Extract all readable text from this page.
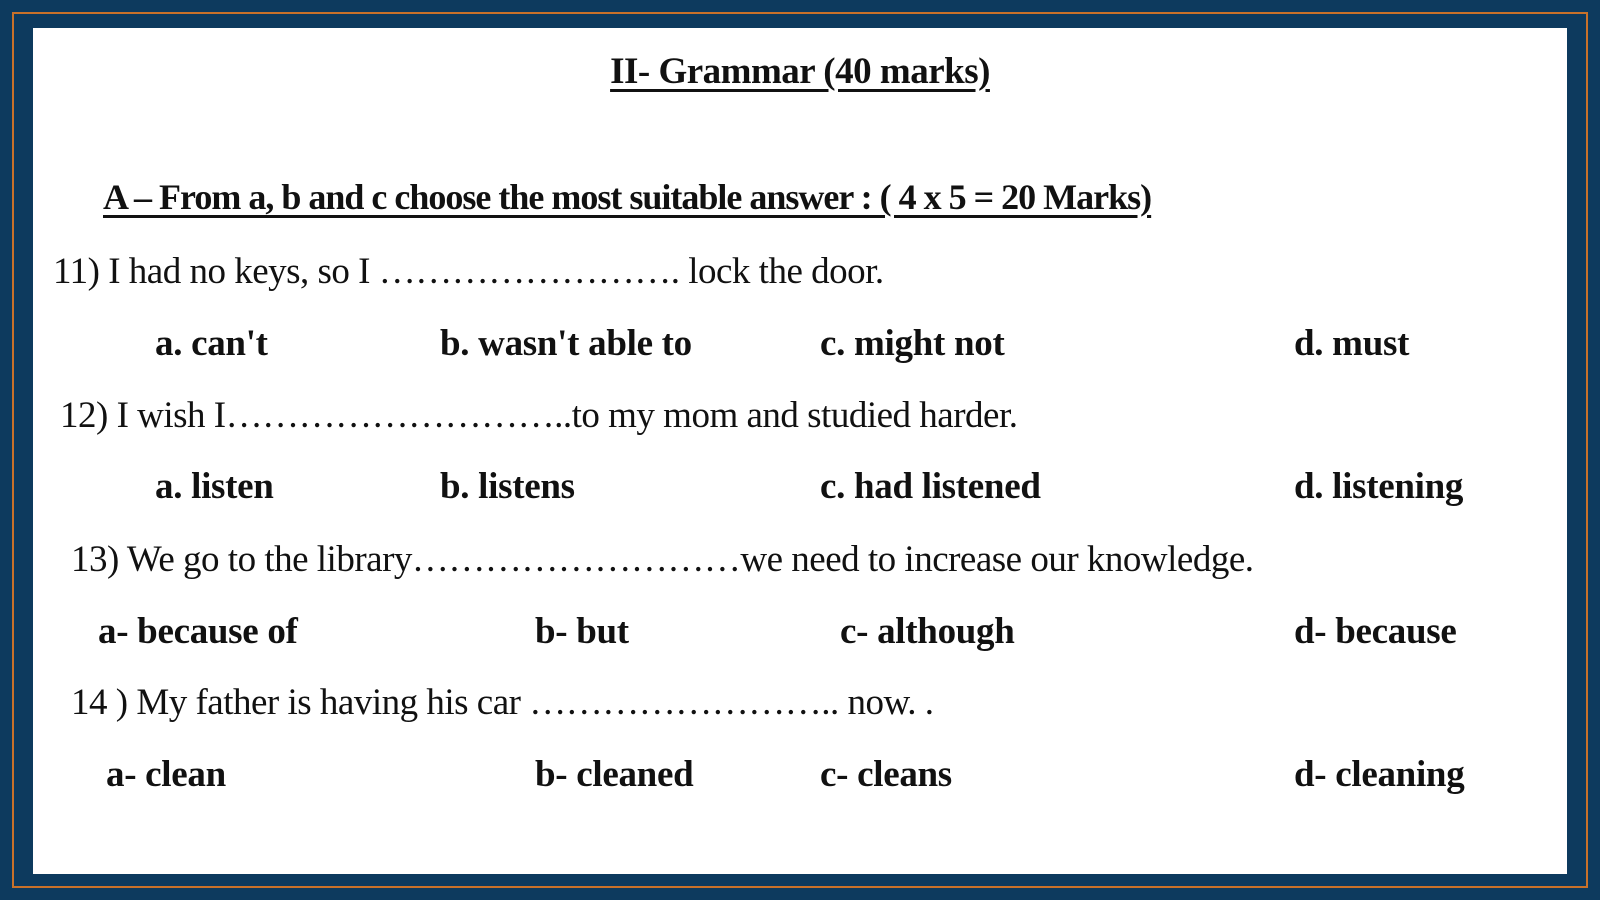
II- Grammar (40 marks)
A – From a, b and c choose the most suitable answer : ( 4 x 5 = 20 Marks)
11) I had no keys, so I ……………………. lock the door.
a. can't	b. wasn't able to	c. might not	d. must
12) I wish I………………………..to my mom and studied harder.
a. listen	b. listens	c. had listened	d. listening
13) We go to the library………………………we need to increase our knowledge.
a- because of	b- but	c- although	d- because
14 ) My father is having his car …………………….. now. .
a- clean	b- cleaned	c- cleans	d- cleaning
